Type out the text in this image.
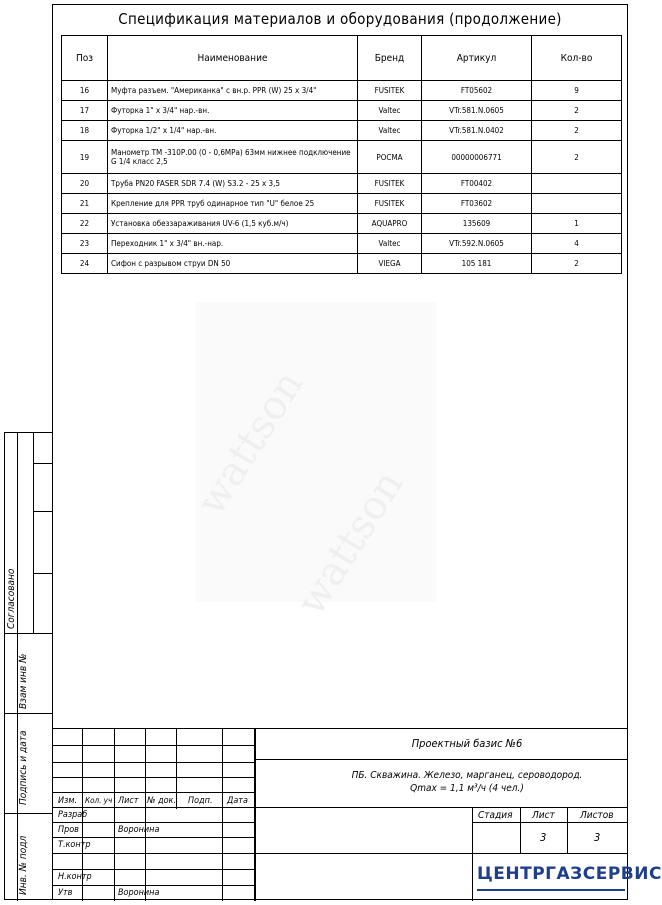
Спецификация материалов и оборудования (продолжение)
Поз	Наименование	Бренд	Артикул	Кол-во
16	Муфта разъем. "Американка" с вн.р. PPR (W) 25 x 3/4"	FUSITEK	FT05602	9
17	Футорка 1" x 3/4" нар.-вн.	Valtec	VTr.581.N.0605	2
18	Футорка 1/2" x 1/4" нар.-вн.	Valtec	VTr.581.N.0402	2
19	Манометр ТМ -310Р.00 (0 - 0,6МРа) 63мм нижнее подключение G 1/4 класс 2,5	РОСМА	00000006771	2
20	Труба PN20 FASER SDR 7.4 (W) S3.2 - 25 x 3,5	FUSITEK	FT00402	
21	Крепление для PPR труб одинарное тип "U" белое 25	FUSITEK	FT03602	
22	Установка обеззараживания UV-6 (1,5 куб.м/ч)	AQUAPRO	135609	1
23	Переходник 1" x 3/4" вн.-нар.	Valtec	VTr.592.N.0605	4
24	Сифон с разрывом струи DN 50	VIEGA	105 181	2
wattson
wattson
Согласовано
Взам инв №
Подпись и дата
Инв. № подл
Изм. Кол. уч Лист № док. Подп. Дата
Разраб
Пров	Воронина
Т.контр
Н.контр
Утв	Воронина
Проектный базис №6
ПБ. Скважина. Железо, марганец, сероводород.
Qmax = 1,1 м³/ч (4 чел.)
Стадия Лист	Листов
3	3
ЦЕНТРГАЗСЕРВИС
